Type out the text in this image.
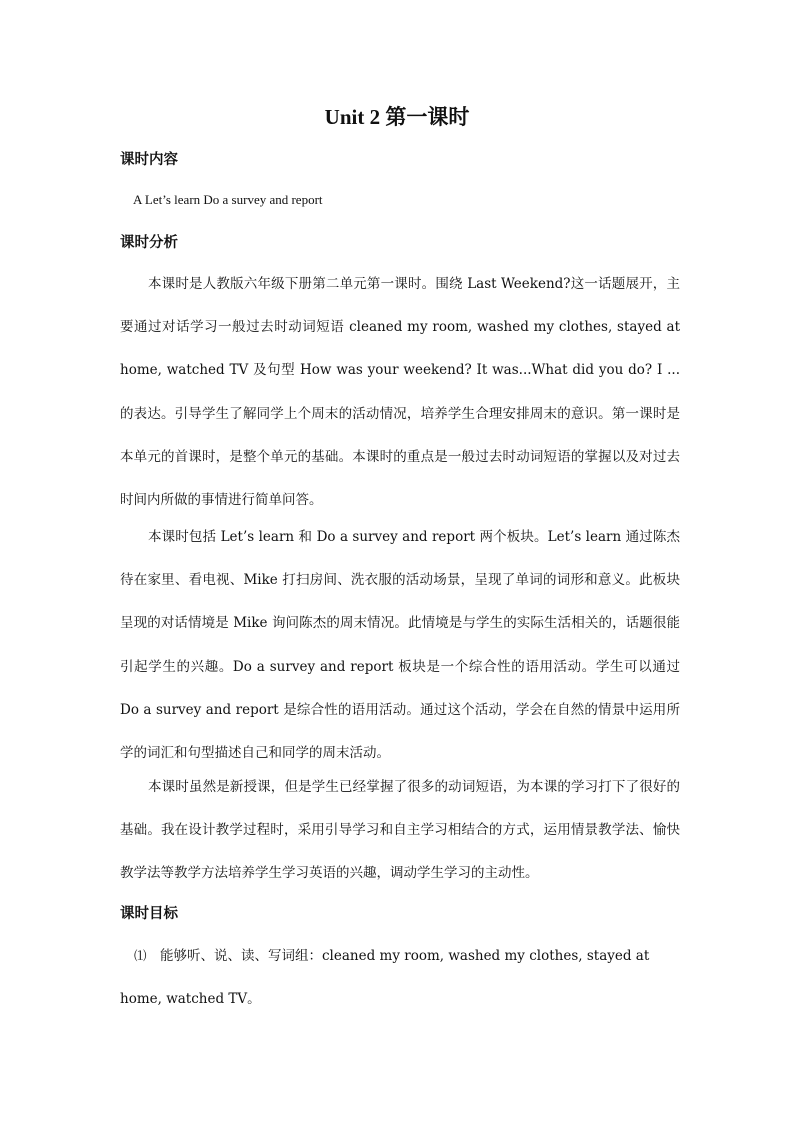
Unit 2 第一课时
课时内容
A Let’s learn Do a survey and report
课时分析

本课时是人教版六年级下册第二单元第一课时。围绕 Last Weekend?这一话题展开，主要通过对话学习一般过去时动词短语 cleaned my room, washed my clothes, stayed at home, watched TV 及句型 How was your weekend? It was...What did you do? I ...的表达。引导学生了解同学上个周末的活动情况，培养学生合理安排周末的意识。第一课时是本单元的首课时，是整个单元的基础。本课时的重点是一般过去时动词短语的掌握以及对过去时间内所做的事情进行简单问答。

本课时包括 Let’s learn 和 Do a survey and report 两个板块。Let’s learn 通过陈杰待在家里、看电视、Mike 打扫房间、洗衣服的活动场景，呈现了单词的词形和意义。此板块呈现的对话情境是 Mike 询问陈杰的周末情况。此情境是与学生的实际生活相关的，话题很能引起学生的兴趣。Do a survey and report 板块是一个综合性的语用活动。学生可以通过 Do a survey and report 是综合性的语用活动。通过这个活动，学会在自然的情景中运用所学的词汇和句型描述自己和同学的周末活动。

本课时虽然是新授课，但是学生已经掌握了很多的动词短语，为本课的学习打下了很好的基础。我在设计教学过程时，采用引导学习和自主学习相结合的方式，运用情景教学法、愉快教学法等教学方法培养学生学习英语的兴趣，调动学生学习的主动性。

课时目标

⑴ 能够听、说、读、写词组：cleaned my room, washed my clothes, stayed at home, watched TV。
